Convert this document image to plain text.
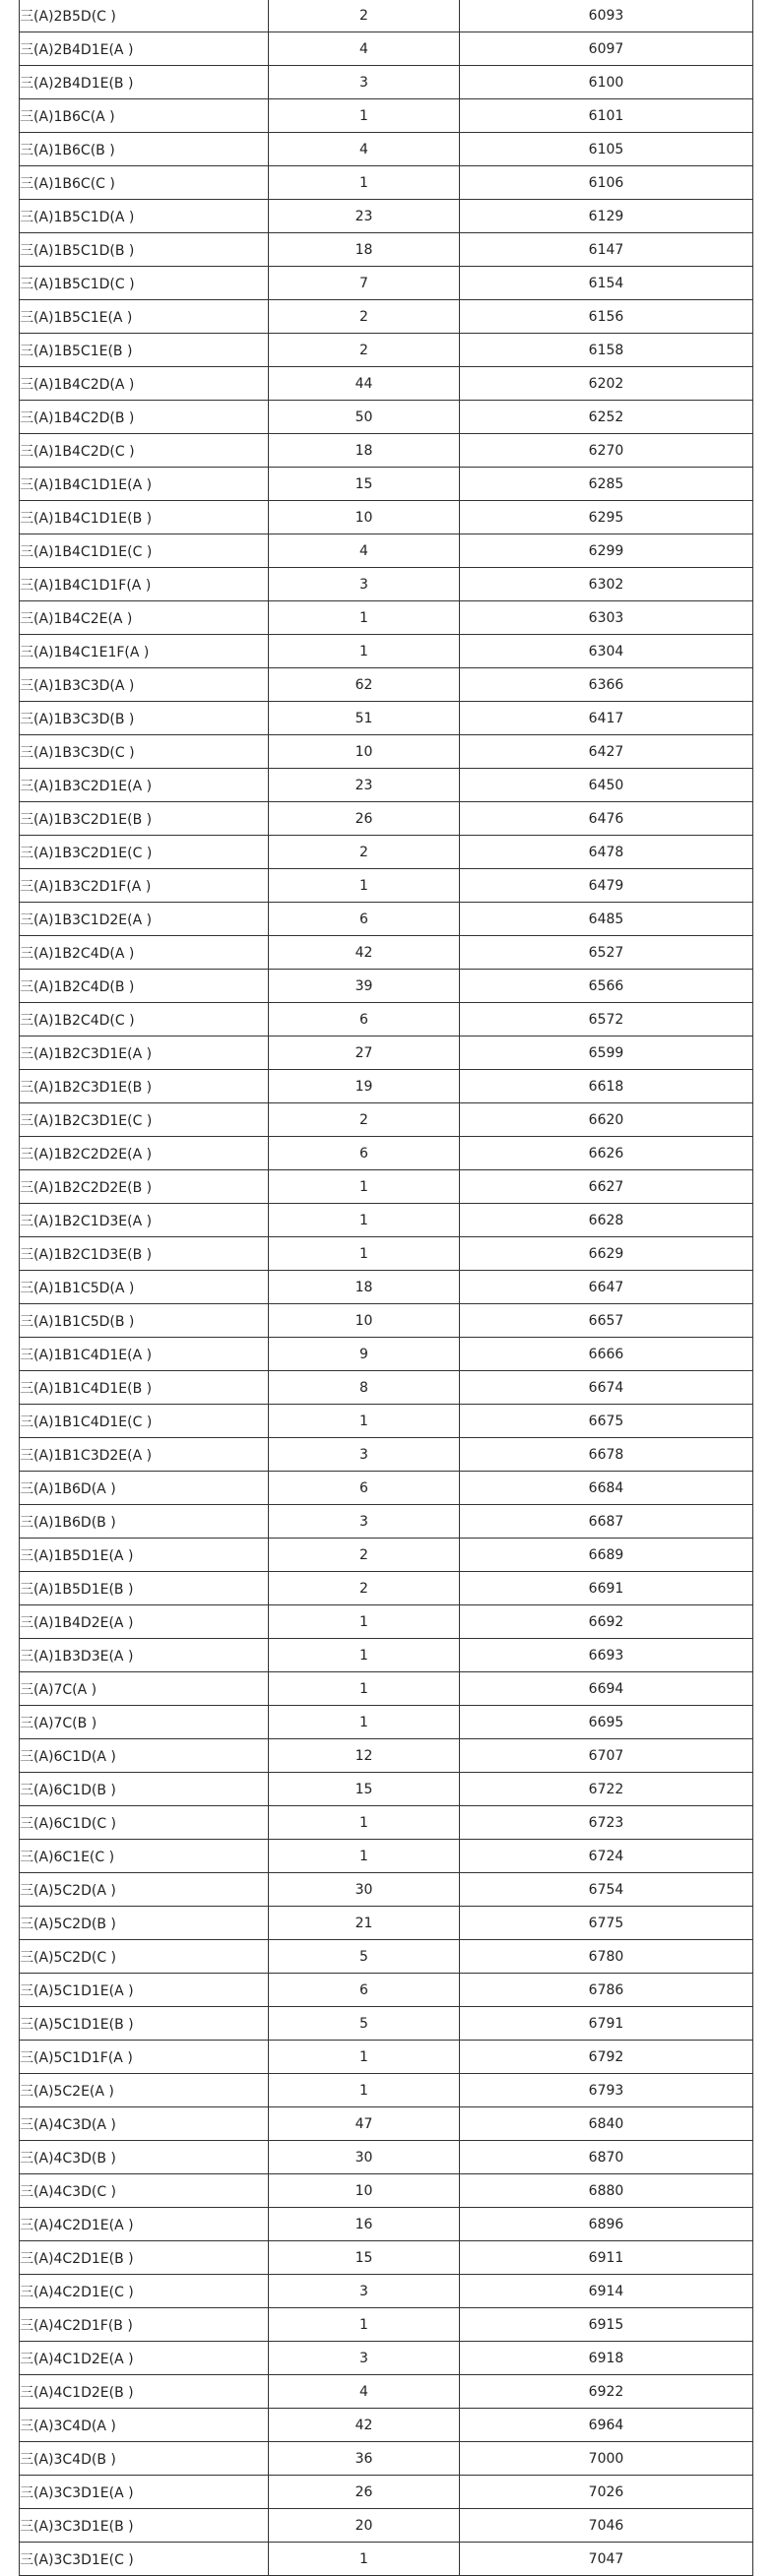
三(A)2B5D(C )	2	6093
三(A)2B4D1E(A )	4	6097
三(A)2B4D1E(B )	3	6100
三(A)1B6C(A )	1	6101
三(A)1B6C(B )	4	6105
三(A)1B6C(C )	1	6106
三(A)1B5C1D(A )	23	6129
三(A)1B5C1D(B )	18	6147
三(A)1B5C1D(C )	7	6154
三(A)1B5C1E(A )	2	6156
三(A)1B5C1E(B )	2	6158
三(A)1B4C2D(A )	44	6202
三(A)1B4C2D(B )	50	6252
三(A)1B4C2D(C )	18	6270
三(A)1B4C1D1E(A )	15	6285
三(A)1B4C1D1E(B )	10	6295
三(A)1B4C1D1E(C )	4	6299
三(A)1B4C1D1F(A )	3	6302
三(A)1B4C2E(A )	1	6303
三(A)1B4C1E1F(A )	1	6304
三(A)1B3C3D(A )	62	6366
三(A)1B3C3D(B )	51	6417
三(A)1B3C3D(C )	10	6427
三(A)1B3C2D1E(A )	23	6450
三(A)1B3C2D1E(B )	26	6476
三(A)1B3C2D1E(C )	2	6478
三(A)1B3C2D1F(A )	1	6479
三(A)1B3C1D2E(A )	6	6485
三(A)1B2C4D(A )	42	6527
三(A)1B2C4D(B )	39	6566
三(A)1B2C4D(C )	6	6572
三(A)1B2C3D1E(A )	27	6599
三(A)1B2C3D1E(B )	19	6618
三(A)1B2C3D1E(C )	2	6620
三(A)1B2C2D2E(A )	6	6626
三(A)1B2C2D2E(B )	1	6627
三(A)1B2C1D3E(A )	1	6628
三(A)1B2C1D3E(B )	1	6629
三(A)1B1C5D(A )	18	6647
三(A)1B1C5D(B )	10	6657
三(A)1B1C4D1E(A )	9	6666
三(A)1B1C4D1E(B )	8	6674
三(A)1B1C4D1E(C )	1	6675
三(A)1B1C3D2E(A )	3	6678
三(A)1B6D(A )	6	6684
三(A)1B6D(B )	3	6687
三(A)1B5D1E(A )	2	6689
三(A)1B5D1E(B )	2	6691
三(A)1B4D2E(A )	1	6692
三(A)1B3D3E(A )	1	6693
三(A)7C(A )	1	6694
三(A)7C(B )	1	6695
三(A)6C1D(A )	12	6707
三(A)6C1D(B )	15	6722
三(A)6C1D(C )	1	6723
三(A)6C1E(C )	1	6724
三(A)5C2D(A )	30	6754
三(A)5C2D(B )	21	6775
三(A)5C2D(C )	5	6780
三(A)5C1D1E(A )	6	6786
三(A)5C1D1E(B )	5	6791
三(A)5C1D1F(A )	1	6792
三(A)5C2E(A )	1	6793
三(A)4C3D(A )	47	6840
三(A)4C3D(B )	30	6870
三(A)4C3D(C )	10	6880
三(A)4C2D1E(A )	16	6896
三(A)4C2D1E(B )	15	6911
三(A)4C2D1E(C )	3	6914
三(A)4C2D1F(B )	1	6915
三(A)4C1D2E(A )	3	6918
三(A)4C1D2E(B )	4	6922
三(A)3C4D(A )	42	6964
三(A)3C4D(B )	36	7000
三(A)3C3D1E(A )	26	7026
三(A)3C3D1E(B )	20	7046
三(A)3C3D1E(C )	1	7047
